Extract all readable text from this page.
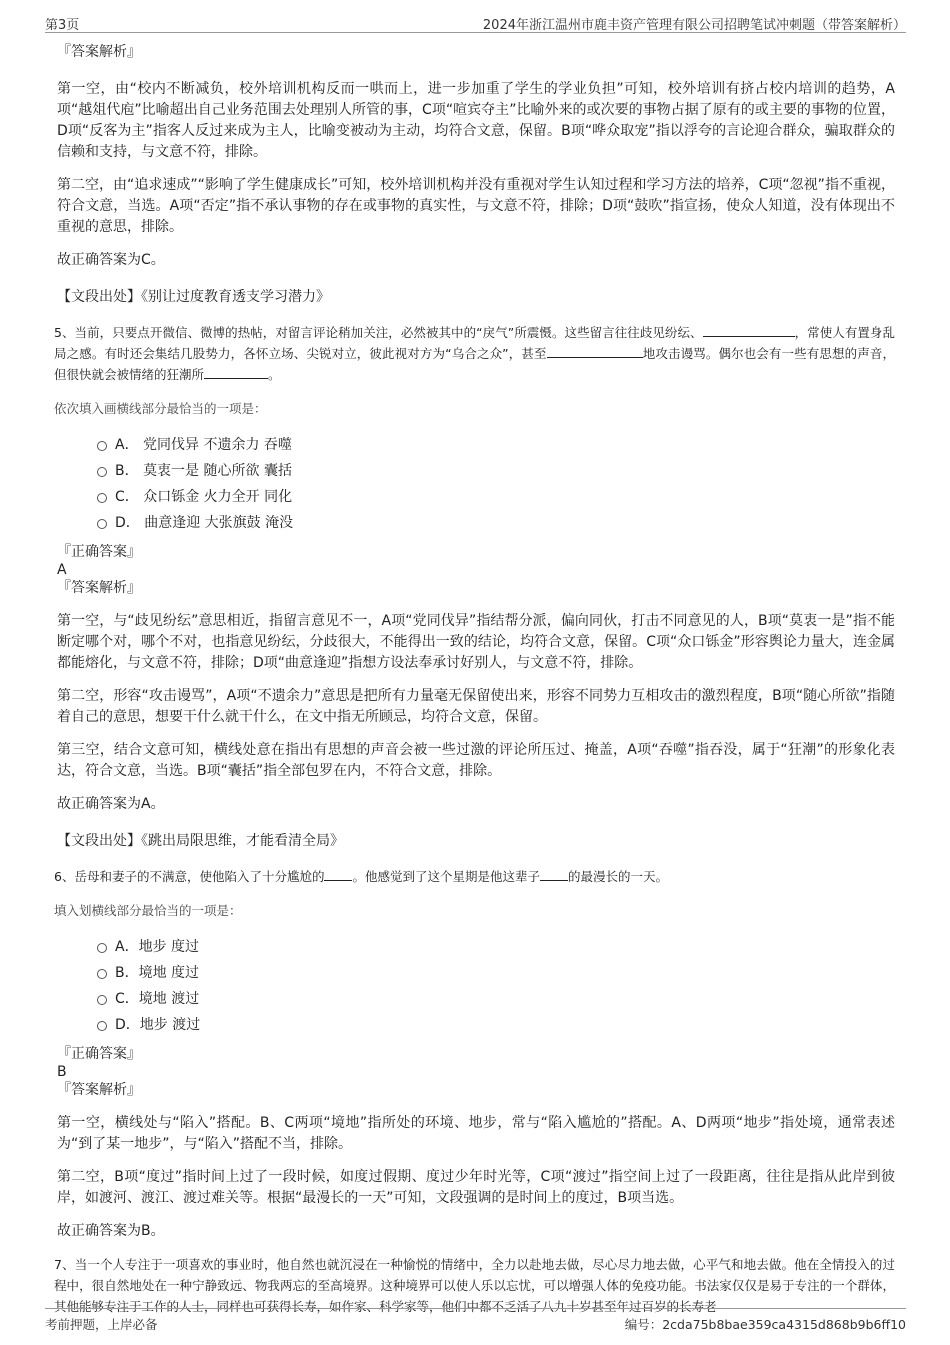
第3页	2024年浙江温州市鹿丰资产管理有限公司招聘笔试冲刺题（带答案解析）

『答案解析』

第一空，由“校内不断减负，校外培训机构反而一哄而上，进一步加重了学生的学业负担”可知，校外培训有挤占校内培训的趋势，A项“越俎代庖”比喻超出自己业务范围去处理别人所管的事，C项“喧宾夺主”比喻外来的或次要的事物占据了原有的或主要的事物的位置，D项“反客为主”指客人反过来成为主人，比喻变被动为主动，均符合文意，保留。B项“哗众取宠”指以浮夸的言论迎合群众，骗取群众的信赖和支持，与文意不符，排除。

第二空，由“追求速成”“影响了学生健康成长”可知，校外培训机构并没有重视对学生认知过程和学习方法的培养，C项“忽视”指不重视，符合文意，当选。A项“否定”指不承认事物的存在或事物的真实性，与文意不符，排除；D项“鼓吹”指宣扬，使众人知道，没有体现出不重视的意思，排除。

故正确答案为C。

【文段出处】《别让过度教育透支学习潜力》

5、当前，只要点开微信、微博的热帖，对留言评论稍加关注，必然被其中的“戾气”所震慑。这些留言往往歧见纷纭、	，常使人有置身乱局之感。有时还会集结几股势力，各怀立场、尖锐对立，彼此视对方为“乌合之众”，甚至	地攻击谩骂。偶尔也会有一些有思想的声音，但很快就会被情绪的狂潮所	。

依次填入画横线部分最恰当的一项是：

A． 党同伐异 不遗余力 吞噬
B． 莫衷一是 随心所欲 囊括
C． 众口铄金 火力全开 同化
D． 曲意逢迎 大张旗鼓 淹没

『正确答案』

A

『答案解析』

第一空，与“歧见纷纭”意思相近，指留言意见不一，A项“党同伐异”指结帮分派，偏向同伙，打击不同意见的人，B项“莫衷一是”指不能断定哪个对，哪个不对，也指意见纷纭，分歧很大，不能得出一致的结论，均符合文意，保留。C项“众口铄金”形容舆论力量大，连金属都能熔化，与文意不符，排除；D项“曲意逢迎”指想方设法奉承讨好别人，与文意不符，排除。

第二空，形容“攻击谩骂”，A项“不遗余力”意思是把所有力量毫无保留使出来，形容不同势力互相攻击的激烈程度，B项“随心所欲”指随着自己的意思，想要干什么就干什么，在文中指无所顾忌，均符合文意，保留。

第三空，结合文意可知，横线处意在指出有思想的声音会被一些过激的评论所压过、掩盖，A项“吞噬”指吞没，属于“狂潮”的形象化表达，符合文意，当选。B项“囊括”指全部包罗在内，不符合文意，排除。

故正确答案为A。

【文段出处】《跳出局限思维，才能看清全局》

6、岳母和妻子的不满意，使他陷入了十分尴尬的 。他感觉到了这个星期是他这辈子 的最漫长的一天。

填入划横线部分最恰当的一项是：

A．地步 度过
B．境地 度过
C．境地 渡过
D．地步 渡过

『正确答案』

B

『答案解析』

第一空，横线处与“陷入”搭配。B、C两项“境地”指所处的环境、地步，常与“陷入尴尬的”搭配。A、D两项“地步”指处境，通常表述为“到了某一地步”，与“陷入”搭配不当，排除。

第二空，B项“度过”指时间上过了一段时候，如度过假期、度过少年时光等，C项“渡过”指空间上过了一段距离，往往是指从此岸到彼岸，如渡河、渡江、渡过难关等。根据“最漫长的一天”可知，文段强调的是时间上的度过，B项当选。

故正确答案为B。

7、当一个人专注于一项喜欢的事业时，他自然也就沉浸在一种愉悦的情绪中，全力以赴地去做，尽心尽力地去做，心平气和地去做。他在全情投入的过程中，很自然地处在一种宁静致远、物我两忘的至高境界。这种境界可以使人乐以忘忧，可以增强人体的免疫功能。书法家仅仅是易于专注的一个群体，其他能够专注于工作的人士，同样也可获得长寿，如作家、科学家等，他们中都不乏活了八九十岁甚至年过百岁的长寿老

考前押题，上岸必备	编号：2cda75b8bae359ca4315d868b9b6ff10
